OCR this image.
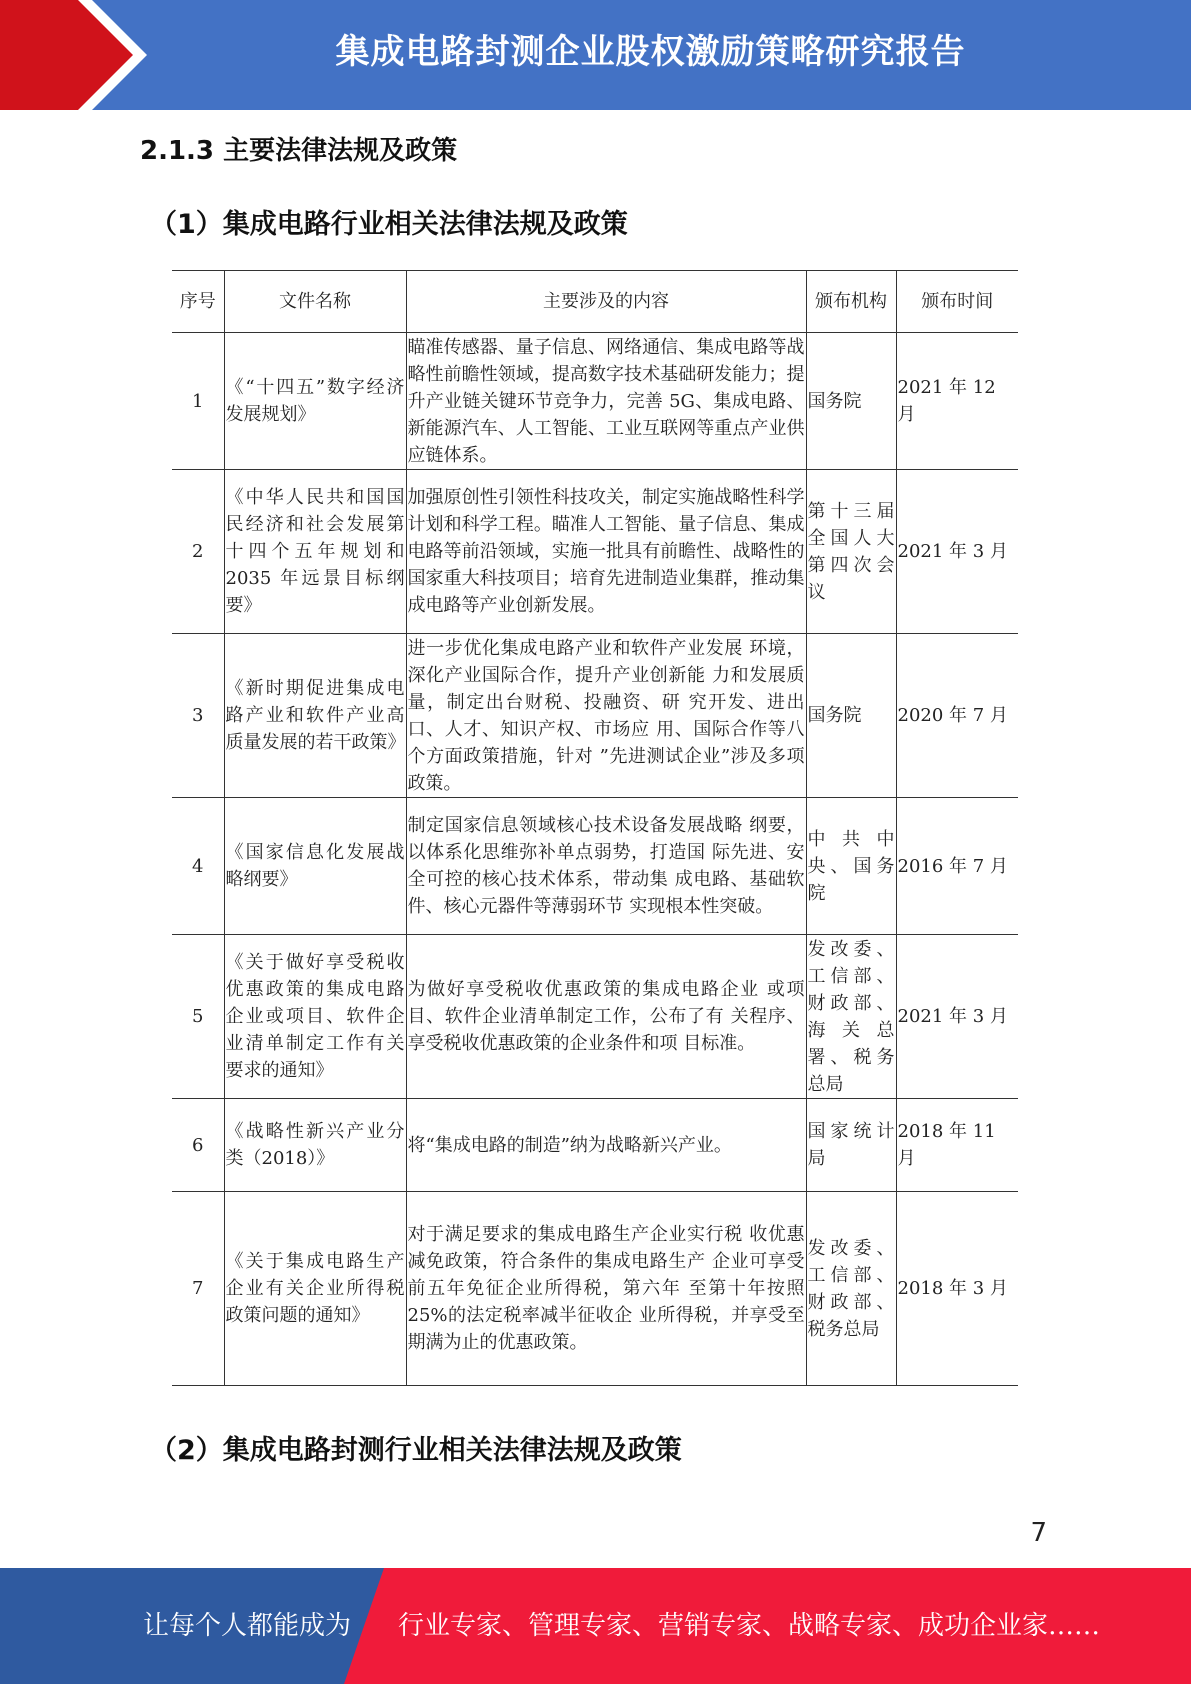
集成电路封测企业股权激励策略研究报告
2.1.3 主要法律法规及政策
（1）集成电路行业相关法律法规及政策
序号	文件名称	主要涉及的内容	颁布机构	颁布时间
1	《“十四五”数字经济发展规划》	瞄准传感器、量子信息、网络通信、集成电路等战略性前瞻性领域，提高数字技术基础研发能力；提升产业链关键环节竞争力，完善 5G、集成电路、新能源汽车、人工智能、工业互联网等重点产业供应链体系。	国务院	2021 年 12 月
2	《中华人民共和国国民经济和社会发展第十四个五年规划和 2035 年远景目标纲要》	加强原创性引领性科技攻关，制定实施战略性科学计划和科学工程。瞄准人工智能、量子信息、集成电路等前沿领域，实施一批具有前瞻性、战略性的国家重大科技项目；培育先进制造业集群，推动集成电路等产业创新发展。	第十三届全国人大第四次会议	2021 年 3 月
3	《新时期促进集成电路产业和软件产业高质量发展的若干政策》	进一步优化集成电路产业和软件产业发展 环境，深化产业国际合作，提升产业创新能 力和发展质量，制定出台财税、投融资、研 究开发、进出口、人才、知识产权、市场应 用、国际合作等八个方面政策措施，针对 ”先进测试企业”涉及多项政策。	国务院	2020 年 7 月
4	《国家信息化发展战略纲要》	制定国家信息领域核心技术设备发展战略 纲要，以体系化思维弥补单点弱势，打造国 际先进、安全可控的核心技术体系，带动集 成电路、基础软件、核心元器件等薄弱环节 实现根本性突破。	中共中央、国务院	2016 年 7 月
5	《关于做好享受税收优惠政策的集成电路企业或项目、软件企业清单制定工作有关要求的通知》	为做好享受税收优惠政策的集成电路企业 或项目、软件企业清单制定工作，公布了有 关程序、享受税收优惠政策的企业条件和项 目标准。	发改委、工信部、财政部、海关总署、税务总局	2021 年 3 月
6	《战略性新兴产业分类（2018）》	将“集成电路的制造”纳为战略新兴产业。	国家统计局	2018 年 11 月
7	《关于集成电路生产企业有关企业所得税政策问题的通知》	对于满足要求的集成电路生产企业实行税 收优惠减免政策，符合条件的集成电路生产 企业可享受前五年免征企业所得税，第六年 至第十年按照 25%的法定税率减半征收企 业所得税，并享受至期满为止的优惠政策。	发改委、工信部、财政部、税务总局	2018 年 3 月
（2）集成电路封测行业相关法律法规及政策
7
让每个人都能成为 行业专家、管理专家、营销专家、战略专家、成功企业家……
